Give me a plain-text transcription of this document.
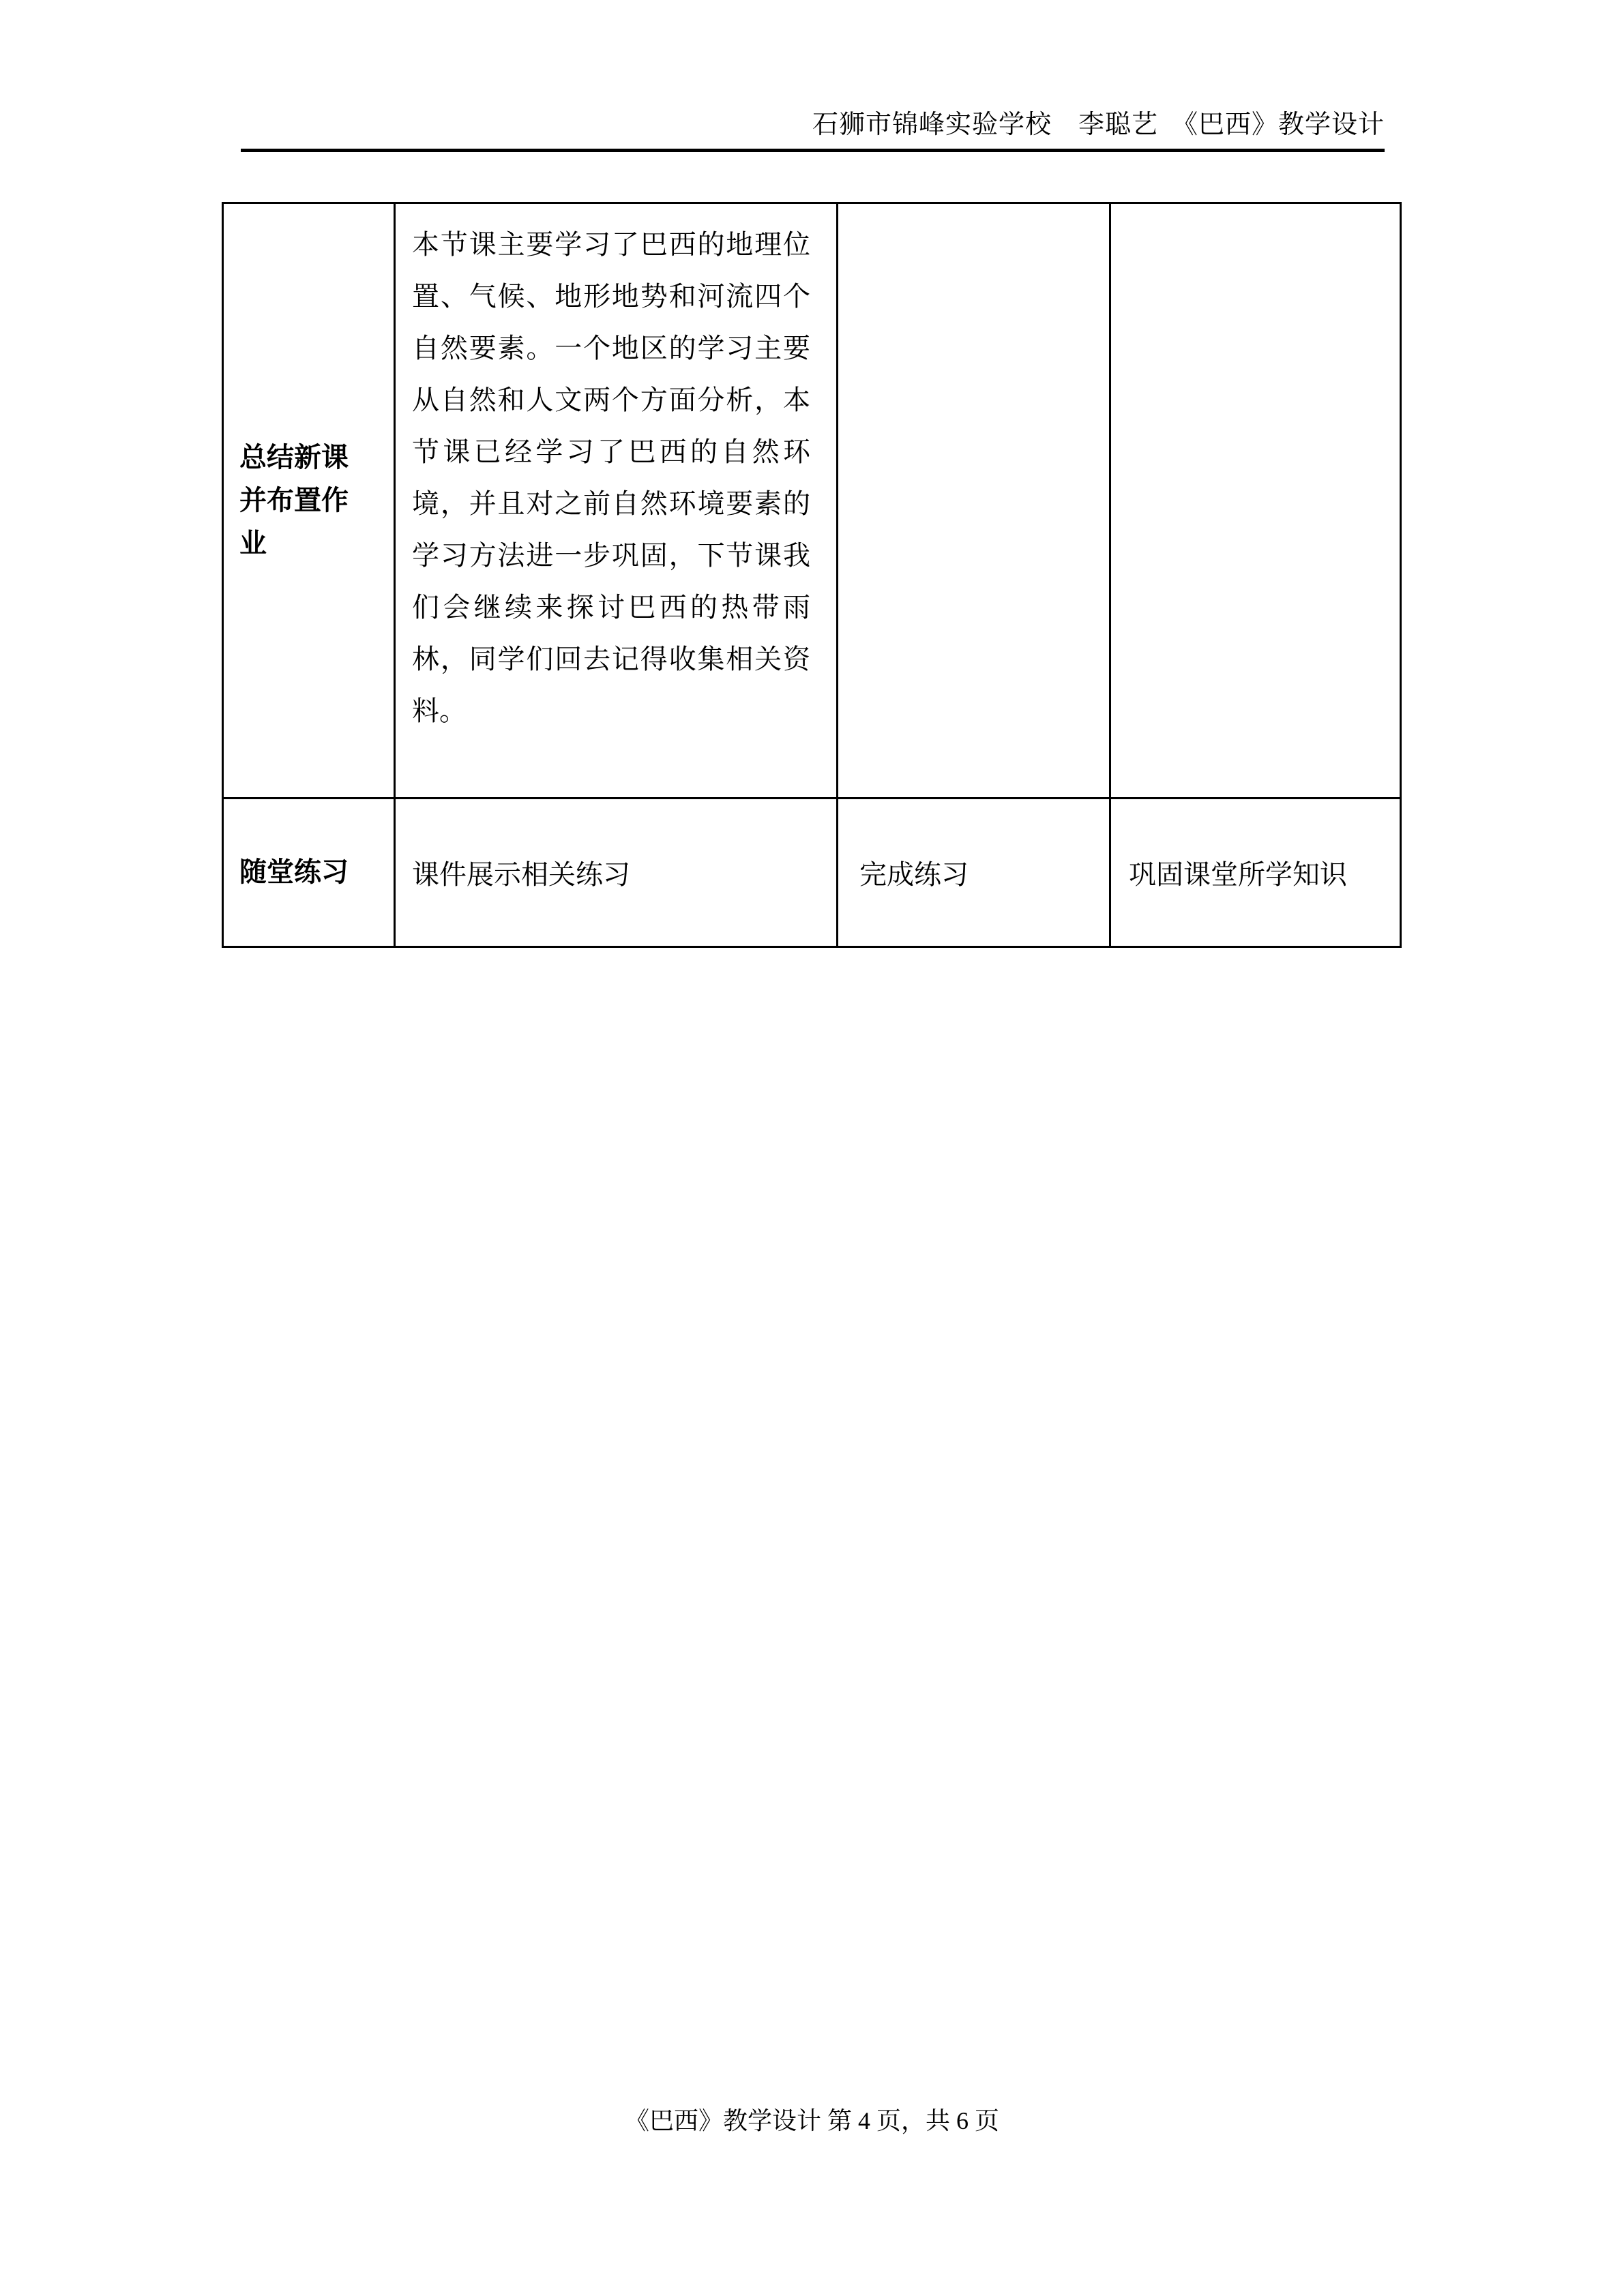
石狮市锦峰实验学校　李聪艺　《巴西》教学设计
总结新课并布置作业	本节课主要学习了巴西的地理位置、气候、地形地势和河流四个自然要素。一个地区的学习主要从自然和人文两个方面分析，本节课已经学习了巴西的自然环境，并且对之前自然环境要素的学习方法进一步巩固，下节课我们会继续来探讨巴西的热带雨林，同学们回去记得收集相关资料。		
随堂练习	课件展示相关练习	完成练习	巩固课堂所学知识
《巴西》教学设计 第 4 页，共 6 页
